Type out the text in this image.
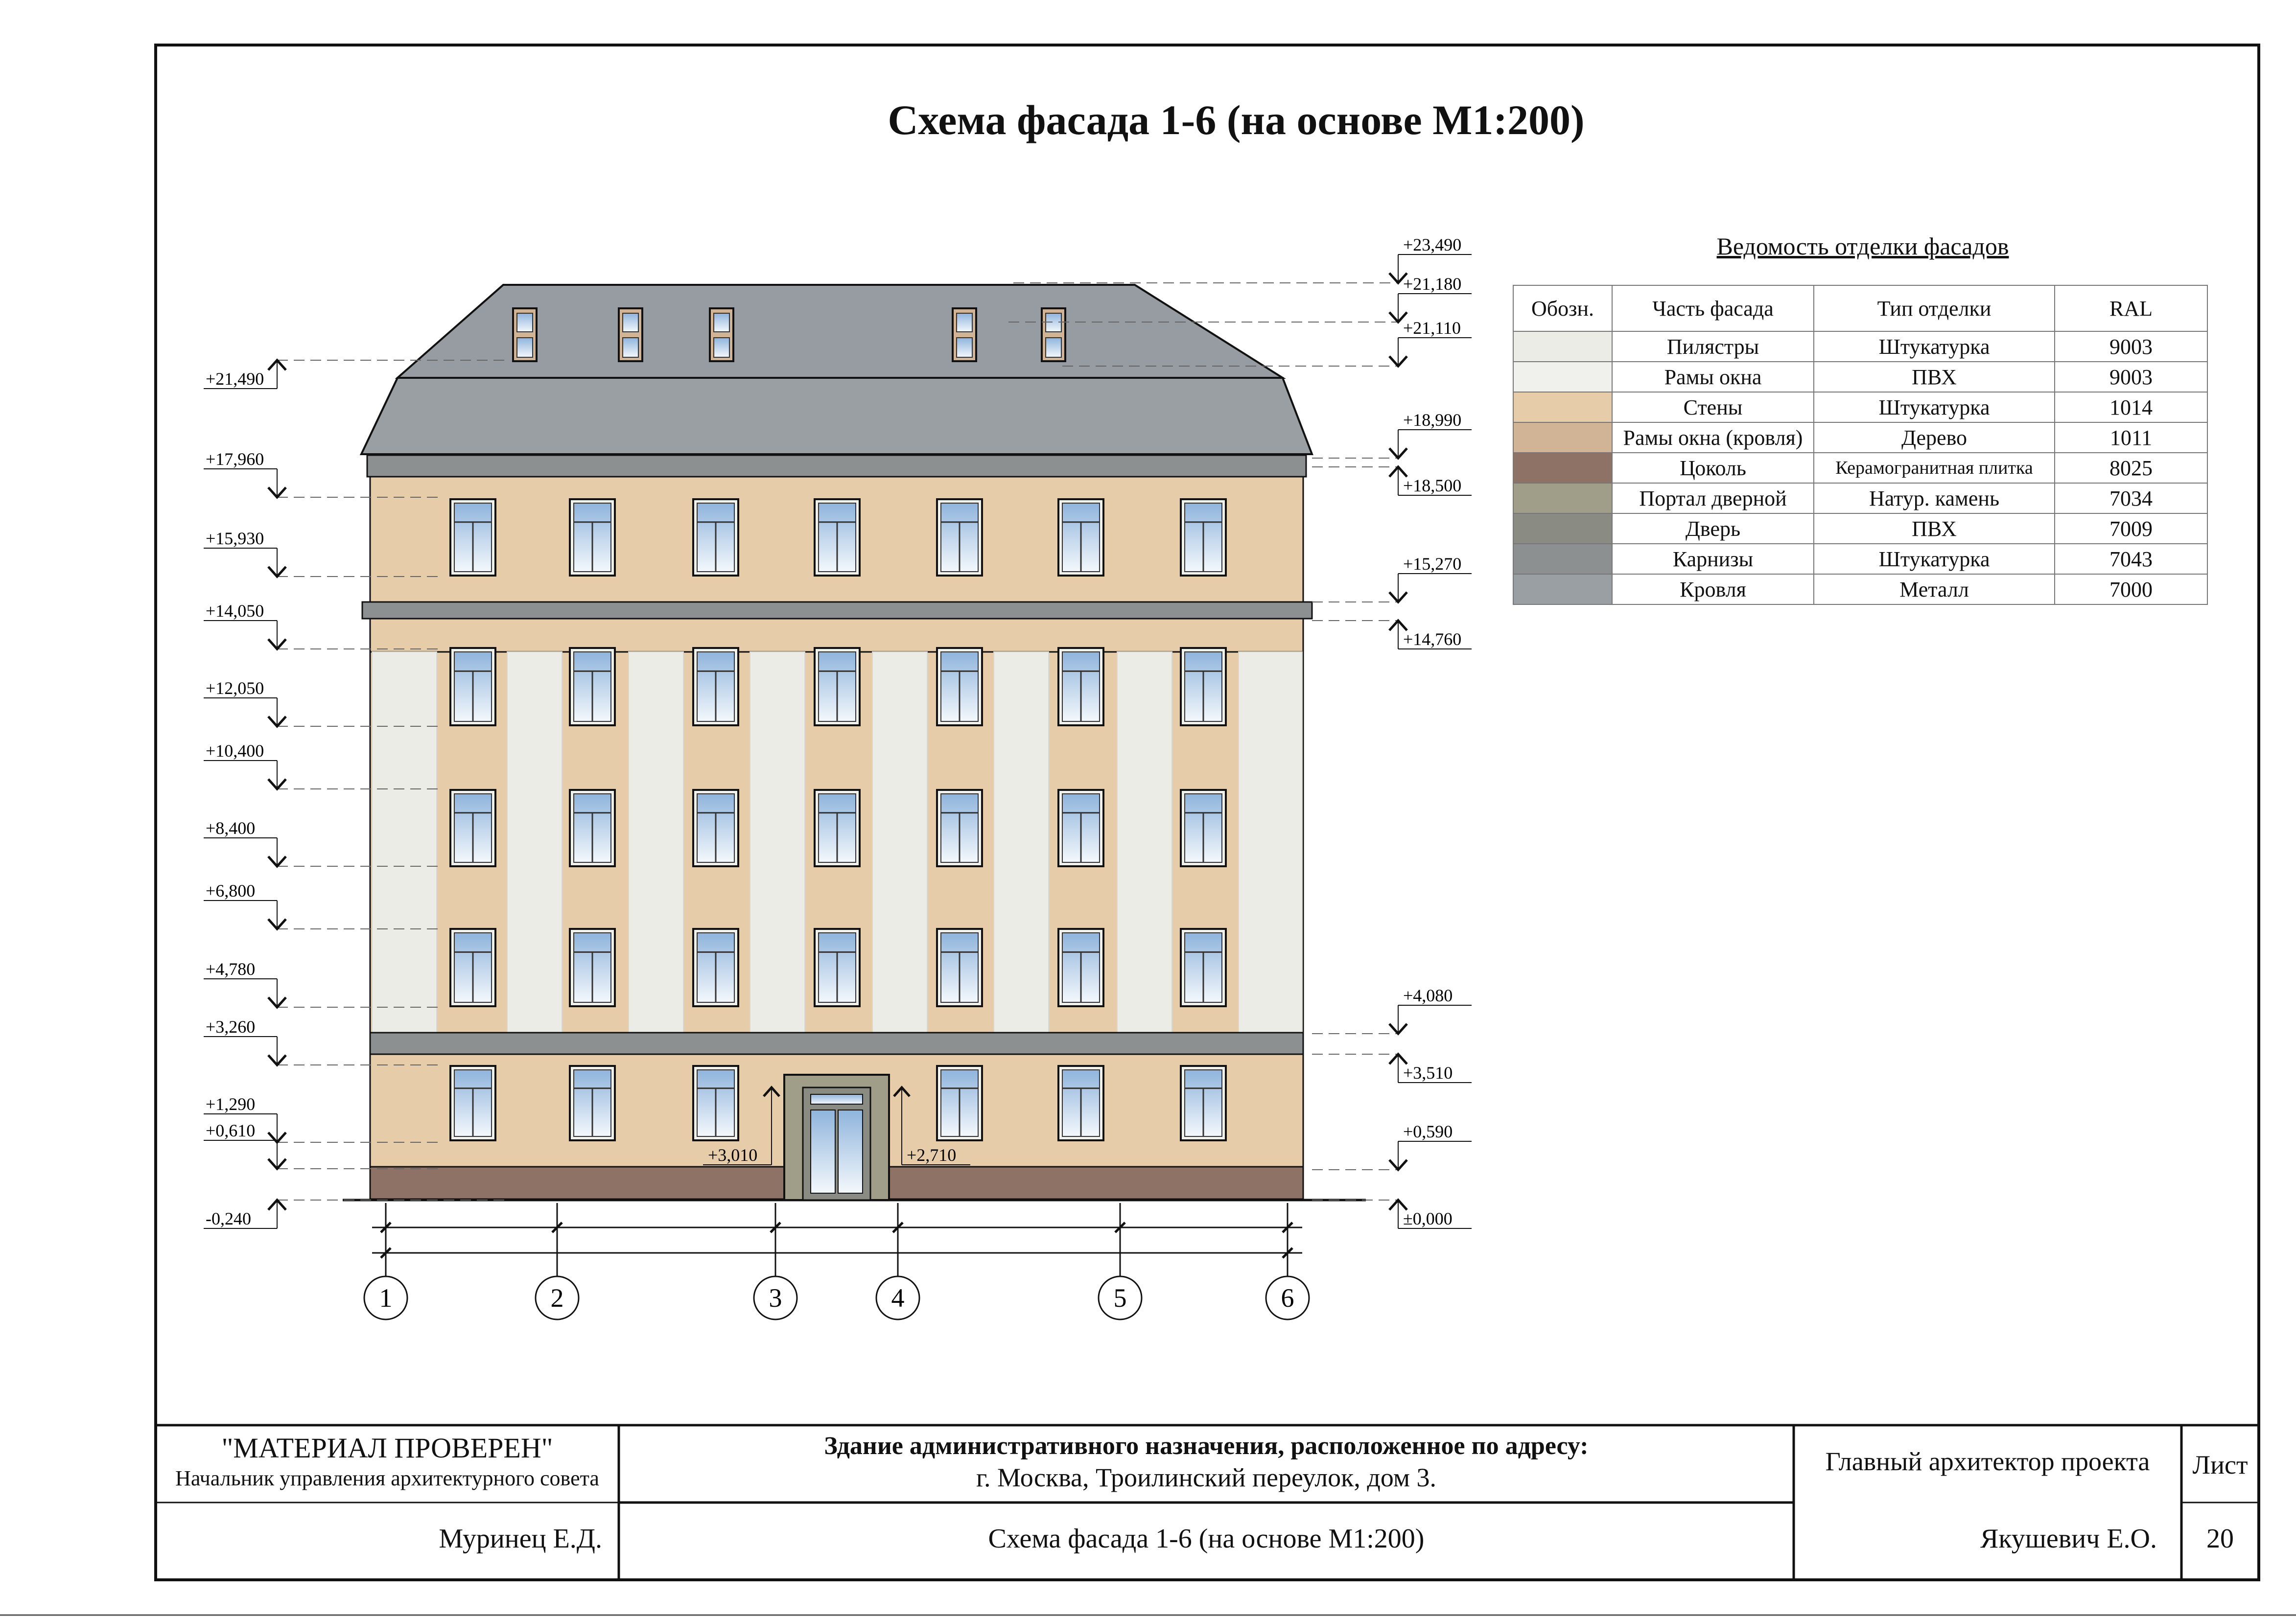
Схема фасада 1-6 (на основе М1:200)
4440	5640	3150	5730	4350
23310
+21,490
+17,960
+15,930
+14,050
+12,050
+10,400
+8,400
+6,800
+4,780
+3,260
+1,290
+0,610
-0,240
+23,490
+21,180
+21,110
+18,990
+18,500
+15,270
+14,760
+4,080
+3,510
+0,590
±0,000
+3,010	+2,710
1	2	3	4	5	6
Ведомость отделки фасадов
Обозн.	Часть фасада	Тип отделки	RAL
	Пилястры	Штукатурка	9003
	Рамы окна	ПВХ	9003
	Стены	Штукатурка	1014
	Рамы окна (кровля)	Дерево	1011
	Цоколь	Керамогранитная плитка	8025
	Портал дверной	Натур. камень	7034
	Дверь	ПВХ	7009
	Карнизы	Штукатурка	7043
	Кровля	Металл	7000
"МАТЕРИАЛ ПРОВЕРЕН"
Начальник управления архитектурного совета
Муринец Е.Д.
Здание административного назначения, расположенное по адресу:
г. Москва, Троилинский переулок, дом 3.
Схема фасада 1-6 (на основе М1:200)
Главный архитектор проекта
Якушевич Е.О.
Лист
20
